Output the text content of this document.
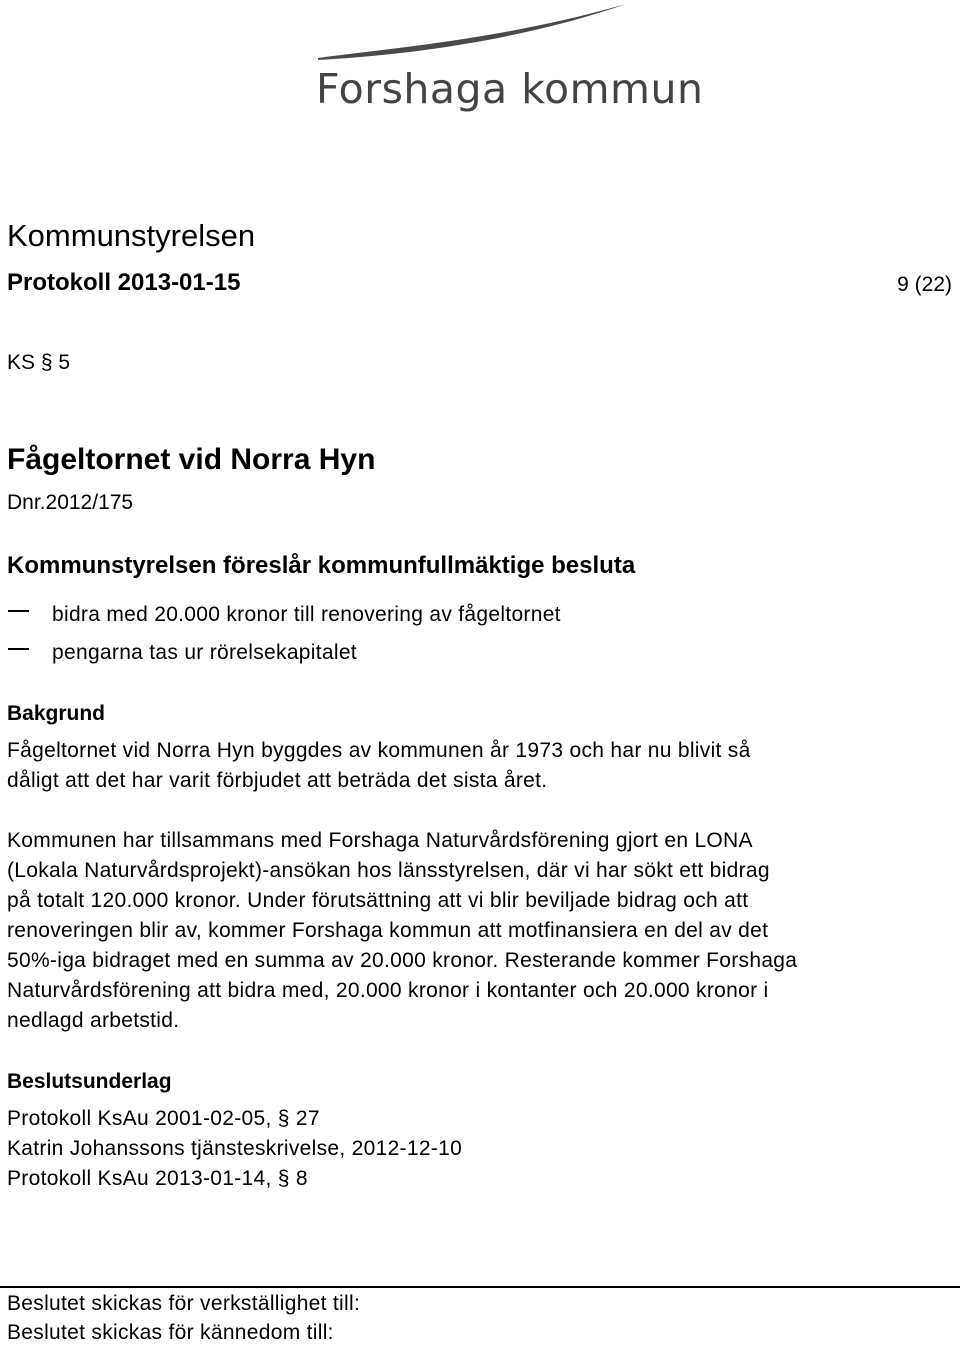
Forshaga kommun
Kommunstyrelsen
Protokoll 2013-01-15	9 (22)
KS § 5
Fågeltornet vid Norra Hyn
Dnr.2012/175
Kommunstyrelsen föreslår kommunfullmäktige besluta
bidra med 20.000 kronor till renovering av fågeltornet
pengarna tas ur rörelsekapitalet
Bakgrund
Fågeltornet vid Norra Hyn byggdes av kommunen år 1973 och har nu blivit så
dåligt att det har varit förbjudet att beträda det sista året.
Kommunen har tillsammans med Forshaga Naturvårdsförening gjort en LONA
(Lokala Naturvårdsprojekt)-ansökan hos länsstyrelsen, där vi har sökt ett bidrag
på totalt 120.000 kronor. Under förutsättning att vi blir beviljade bidrag och att
renoveringen blir av, kommer Forshaga kommun att motfinansiera en del av det
50%-iga bidraget med en summa av 20.000 kronor. Resterande kommer Forshaga
Naturvårdsförening att bidra med, 20.000 kronor i kontanter och 20.000 kronor i
nedlagd arbetstid.
Beslutsunderlag
Protokoll KsAu 2001-02-05, § 27
Katrin Johanssons tjänsteskrivelse, 2012-12-10
Protokoll KsAu 2013-01-14, § 8
Beslutet skickas för verkställighet till:
Beslutet skickas för kännedom till:
